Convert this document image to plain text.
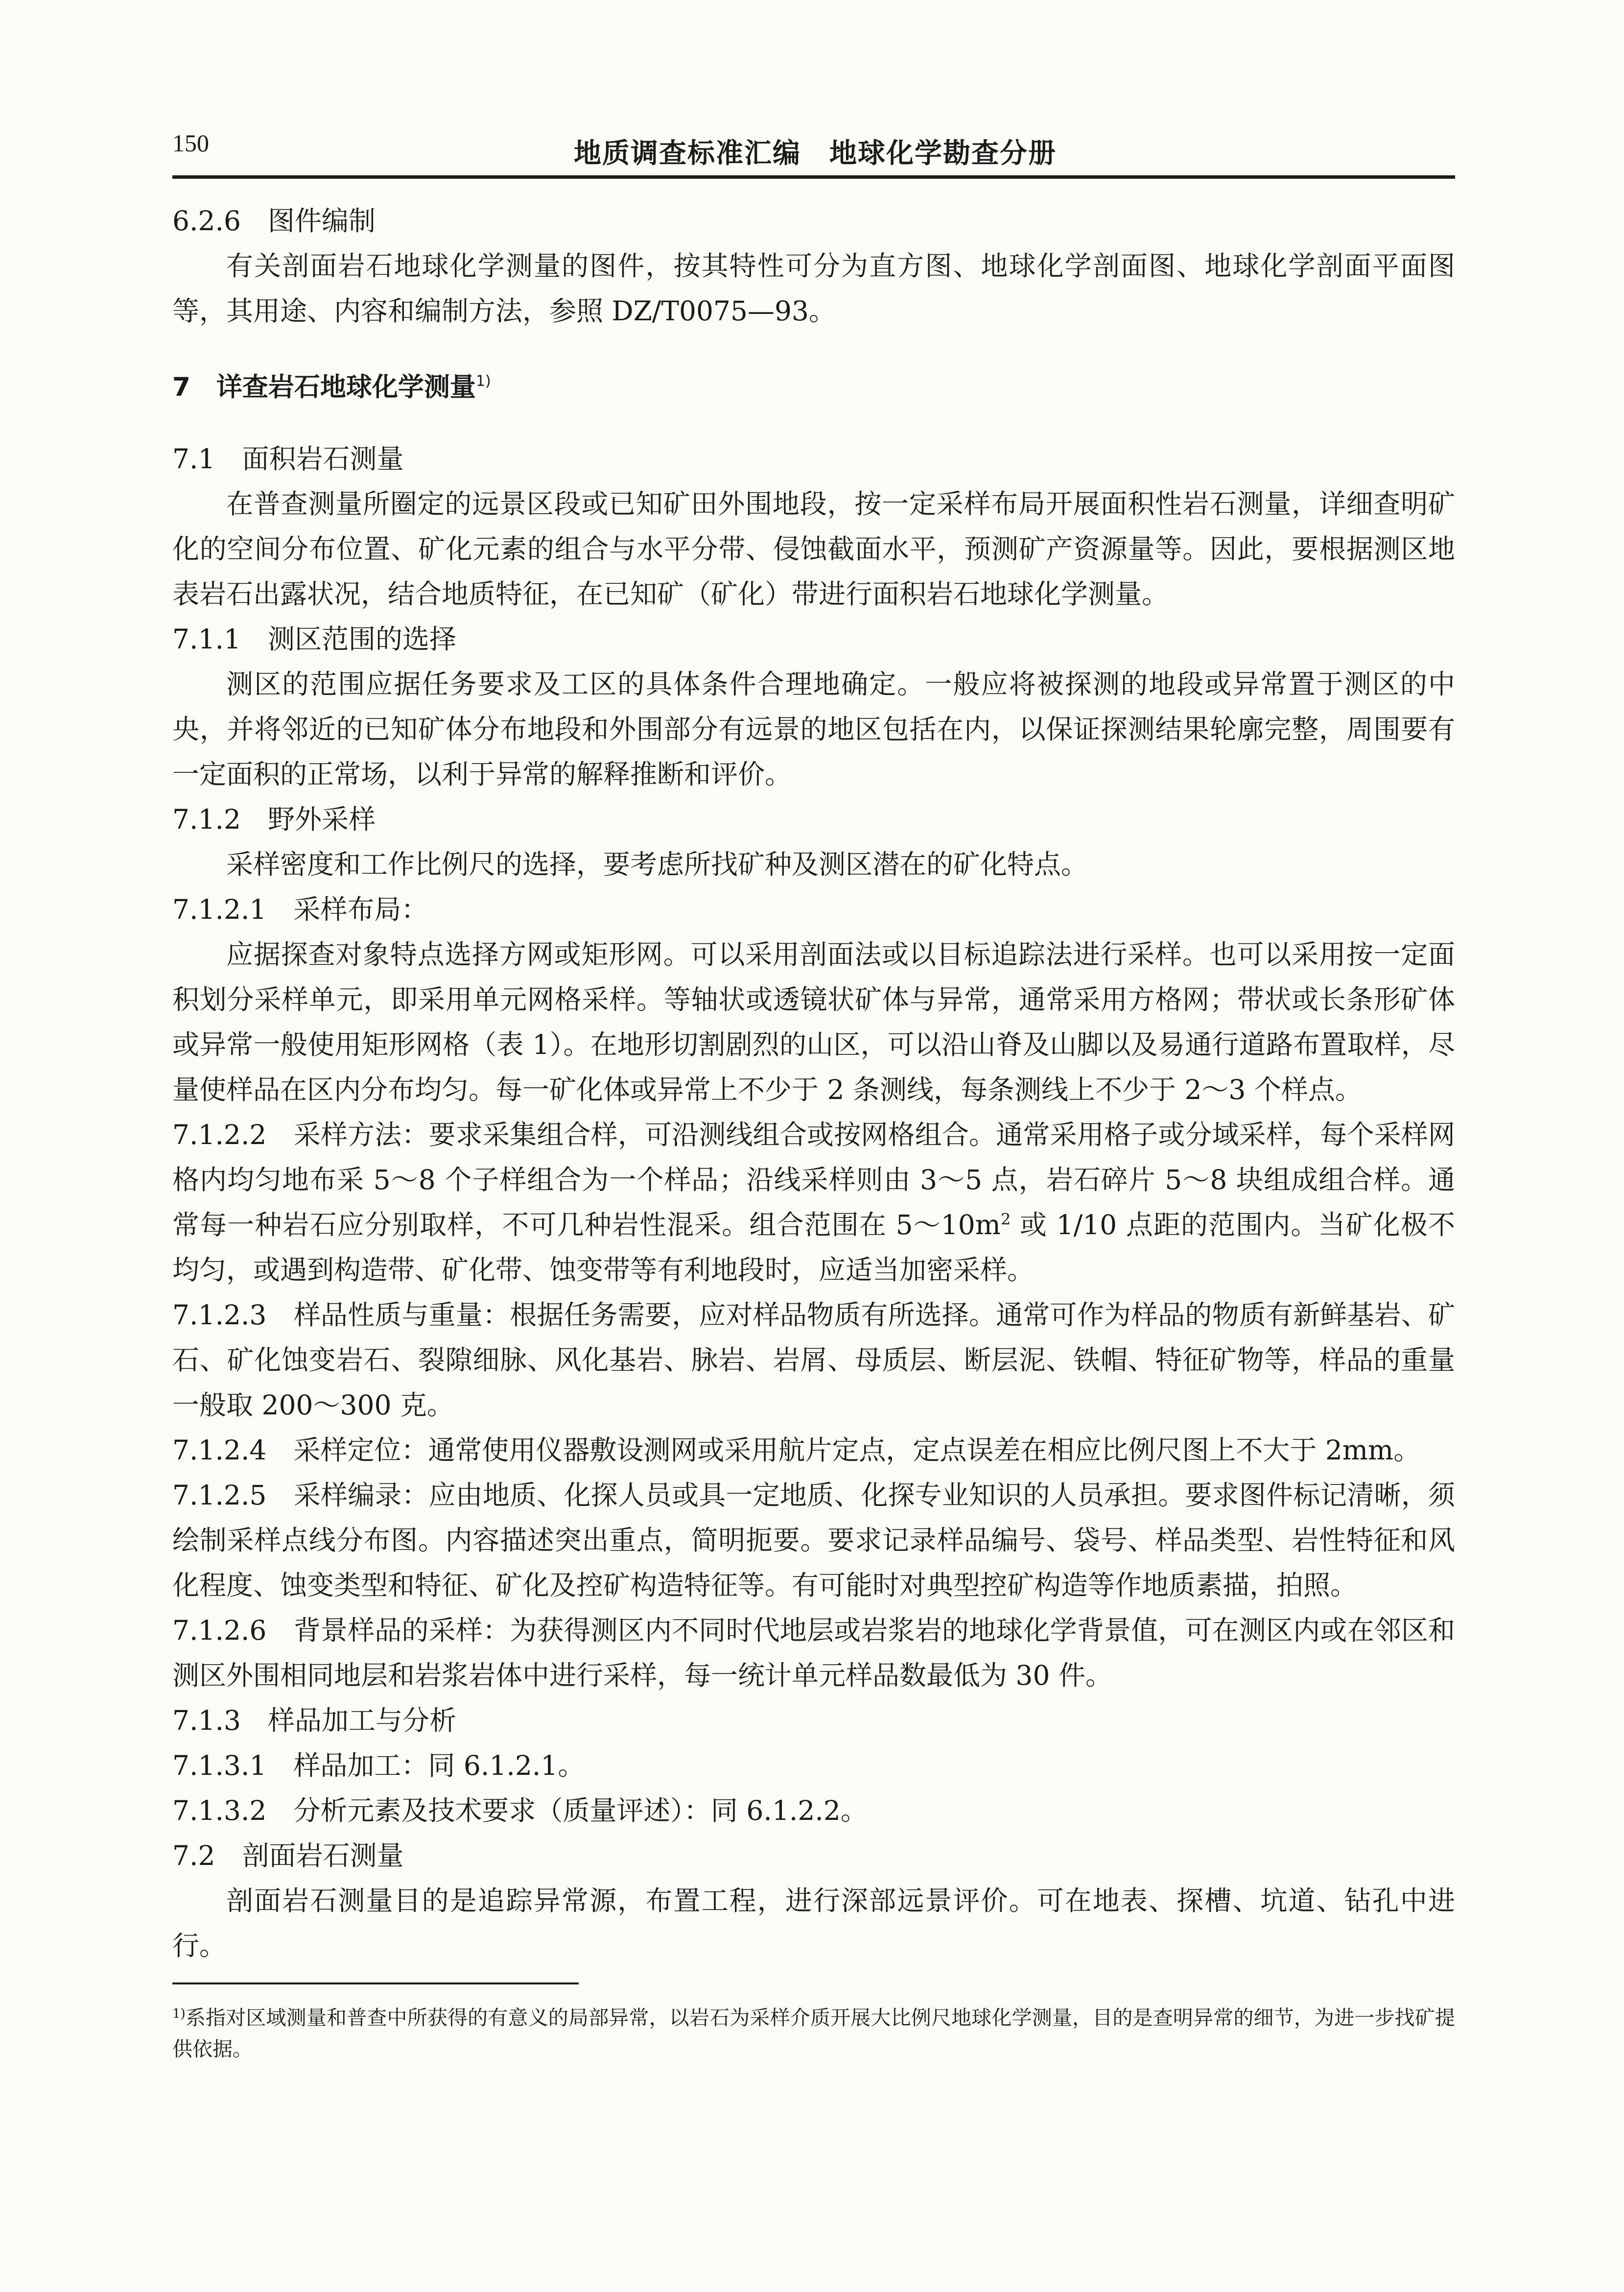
150	地质调查标准汇编　地球化学勘查分册

6.2.6　图件编制

有关剖面岩石地球化学测量的图件，按其特性可分为直方图、地球化学剖面图、地球化学剖面平面图等，其用途、内容和编制方法，参照 DZ/T0075—93。

7　详查岩石地球化学测量$^{1)}$

7.1　面积岩石测量

在普查测量所圈定的远景区段或已知矿田外围地段，按一定采样布局开展面积性岩石测量，详细查明矿化的空间分布位置、矿化元素的组合与水平分带、侵蚀截面水平，预测矿产资源量等。因此，要根据测区地表岩石出露状况，结合地质特征，在已知矿（矿化）带进行面积岩石地球化学测量。

7.1.1　测区范围的选择

测区的范围应据任务要求及工区的具体条件合理地确定。一般应将被探测的地段或异常置于测区的中央，并将邻近的已知矿体分布地段和外围部分有远景的地区包括在内，以保证探测结果轮廓完整，周围要有一定面积的正常场，以利于异常的解释推断和评价。

7.1.2　野外采样

采样密度和工作比例尺的选择，要考虑所找矿种及测区潜在的矿化特点。

7.1.2.1　采样布局：

应据探查对象特点选择方网或矩形网。可以采用剖面法或以目标追踪法进行采样。也可以采用按一定面积划分采样单元，即采用单元网格采样。等轴状或透镜状矿体与异常，通常采用方格网；带状或长条形矿体或异常一般使用矩形网格（表 1）。在地形切割剧烈的山区，可以沿山脊及山脚以及易通行道路布置取样，尽量使样品在区内分布均匀。每一矿化体或异常上不少于 2 条测线，每条测线上不少于 2～3 个样点。

7.1.2.2　采样方法：要求采集组合样，可沿测线组合或按网格组合。通常采用格子或分域采样，每个采样网格内均匀地布采 5～8 个子样组合为一个样品；沿线采样则由 3～5 点，岩石碎片 5～8 块组成组合样。通常每一种岩石应分别取样，不可几种岩性混采。组合范围在 $5\sim 10m^2$ 或 1/10 点距的范围内。当矿化极不均匀，或遇到构造带、矿化带、蚀变带等有利地段时，应适当加密采样。

7.1.2.3　样品性质与重量：根据任务需要，应对样品物质有所选择。通常可作为样品的物质有新鲜基岩、矿石、矿化蚀变岩石、裂隙细脉、风化基岩、脉岩、岩屑、母质层、断层泥、铁帽、特征矿物等，样品的重量一般取 200～300 克。

7.1.2.4　采样定位：通常使用仪器敷设测网或采用航片定点，定点误差在相应比例尺图上不大于 2mm。

7.1.2.5　采样编录：应由地质、化探人员或具一定地质、化探专业知识的人员承担。要求图件标记清晰，须绘制采样点线分布图。内容描述突出重点，简明扼要。要求记录样品编号、袋号、样品类型、岩性特征和风化程度、蚀变类型和特征、矿化及控矿构造特征等。有可能时对典型控矿构造等作地质素描，拍照。

7.1.2.6　背景样品的采样：为获得测区内不同时代地层或岩浆岩的地球化学背景值，可在测区内或在邻区和测区外围相同地层和岩浆岩体中进行采样，每一统计单元样品数最低为 30 件。

7.1.3　样品加工与分析

7.1.3.1　样品加工：同 6.1.2.1。

7.1.3.2　分析元素及技术要求（质量评述）：同 6.1.2.2。

7.2　剖面岩石测量

剖面岩石测量目的是追踪异常源，布置工程，进行深部远景评价。可在地表、探槽、坑道、钻孔中进行。

$^{1)}$系指对区域测量和普查中所获得的有意义的局部异常，以岩石为采样介质开展大比例尺地球化学测量，目的是查明异常的细节，为进一步找矿提供依据。
